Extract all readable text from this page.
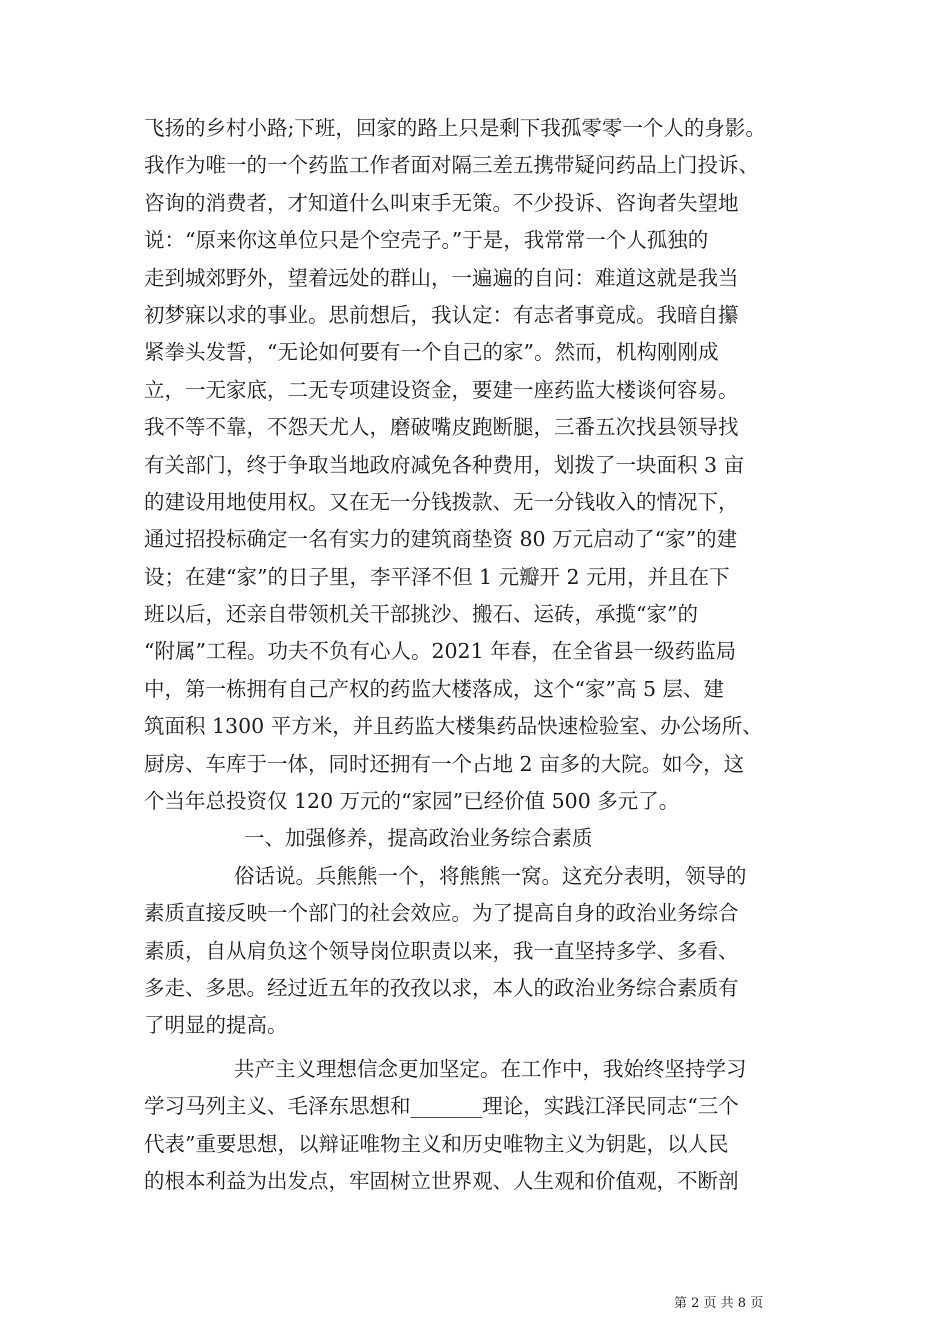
飞扬的乡村小路;下班，回家的路上只是剩下我孤零零一个人的身影。
我作为唯一的一个药监工作者面对隔三差五携带疑问药品上门投诉、
咨询的消费者，才知道什么叫束手无策。不少投诉、咨询者失望地
说：“原来你这单位只是个空壳子。”于是，我常常一个人孤独的
走到城郊野外，望着远处的群山，一遍遍的自问：难道这就是我当
初梦寐以求的事业。思前想后，我认定：有志者事竟成。我暗自攥
紧拳头发誓，“无论如何要有一个自己的家”。然而，机构刚刚成
立，一无家底，二无专项建设资金，要建一座药监大楼谈何容易。
我不等不靠，不怨天尤人，磨破嘴皮跑断腿，三番五次找县领导找
有关部门，终于争取当地政府减免各种费用，划拨了一块面积 3 亩
的建设用地使用权。又在无一分钱拨款、无一分钱收入的情况下，
通过招投标确定一名有实力的建筑商垫资 80 万元启动了“家”的建
设；在建“家”的日子里，李平泽不但 1 元瓣开 2 元用，并且在下
班以后，还亲自带领机关干部挑沙、搬石、运砖，承揽“家”的
“附属”工程。功夫不负有心人。2021 年春，在全省县一级药监局
中，第一栋拥有自己产权的药监大楼落成，这个“家”高 5 层、建
筑面积 1300 平方米，并且药监大楼集药品快速检验室、办公场所、
厨房、车库于一体，同时还拥有一个占地 2 亩多的大院。如今，这
个当年总投资仅 120 万元的“家园”已经价值 500 多元了。
一、加强修养，提高政治业务综合素质
俗话说。兵熊熊一个，将熊熊一窝。这充分表明，领导的
素质直接反映一个部门的社会效应。为了提高自身的政治业务综合
素质，自从肩负这个领导岗位职责以来，我一直坚持多学、多看、
多走、多思。经过近五年的孜孜以求，本人的政治业务综合素质有
了明显的提高。
共产主义理想信念更加坚定。在工作中，我始终坚持学习
学习马列主义、毛泽东思想和_______理论，实践江泽民同志“三个
代表”重要思想，以辩证唯物主义和历史唯物主义为钥匙，以人民
的根本利益为出发点，牢固树立世界观、人生观和价值观，不断剖
第 2 页 共 8 页
